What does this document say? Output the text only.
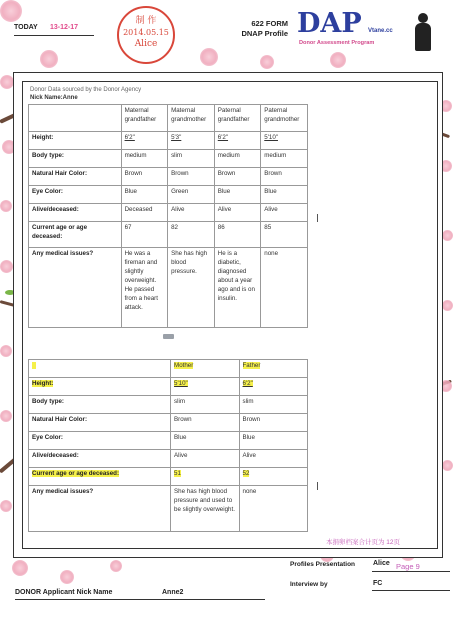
TODAY 13-12-17
制 作
2014.05.15
Alice
622 FORM
DNAP Profile DAP Vtane.cc
Donor Assessment Program
Donor Data sourced by the Donor Agency
Nick Name:Anne
	Maternal grandfather	Maternal grandmother	Paternal grandfather	Paternal grandmother
Height:	6'2"	5'3"	6'2"	5'10"
Body type:	medium	slim	medium	medium
Natural Hair Color:	Brown	Brown	Brown	Brown
Eye Color:	Blue	Green	Blue	Blue
Alive/deceased:	Deceased	Alive	Alive	Alive
Current age or age deceased:	67	82	86	85
Any medical issues?	He was a fireman and slightly overweight. He passed from a heart attack.	She has high blood pressure.	He is a diabetic, diagnosed about a year ago and is on insulin.	none
	Mother	Father
Height:	5'10"	6'2"
Body type:	slim	slim
Natural Hair Color:	Brown	Brown
Eye Color:	Blue	Blue
Alive/deceased:	Alive	Alive
Current age or age deceased:	51	52
Any medical issues?	She has high blood pressure and used to be slightly overweight.	none
本捐卵档案合计页为 12页
Profiles Presentation	Alice Page 9
Interview by	FC
DONOR Applicant Nick Name	Anne2
